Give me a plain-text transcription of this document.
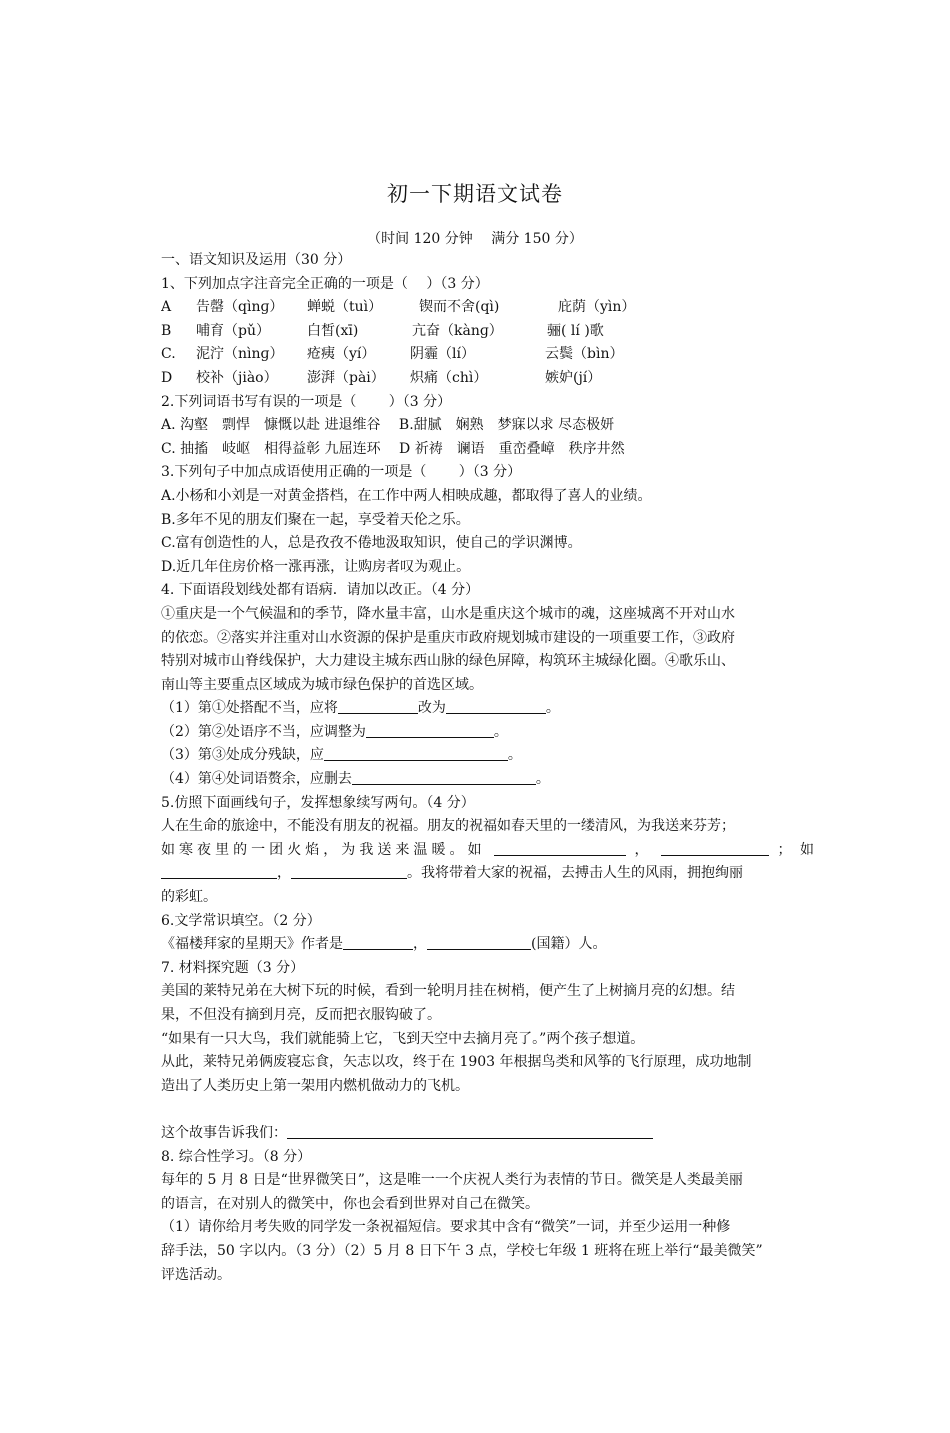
初一下期语文试卷
（时间 120 分钟　 满分 150 分）
一、语文知识及运用（30 分）
1、下列加点字注音完全正确的一项是（　 ）（3 分）
A 告罄（qìnɡ） 蝉蜕（tuì）	锲而不舍(qì)	庇荫（yìn）
B 哺育（pǔ）	白皙(xī)	亢奋（kànɡ）	骊( lí )歌
C. 泥泞（nìnɡ） 疮痍（yí） 阴霾（lí）	云鬓（bìn）
D 校补（jiào） 澎湃（pài） 炽痛（chì）	嫉妒(jí）
2.下列词语书写有误的一项是（　　 ）（3 分）
A. 沟壑　剽悍　慷慨以赴 进退维谷　 B.甜腻　娴熟　梦寐以求 尽态极妍
C. 抽搐　岐岖　相得益彰 九屈连环　 D 祈祷　谰语　重峦叠嶂　秩序井然
3.下列句子中加点成语使用正确的一项是（　　 ）（3 分）
A.小杨和小刘是一对黄金搭档，在工作中两人相映成趣，都取得了喜人的业绩。
B.多年不见的朋友们聚在一起，享受着天伦之乐。
C.富有创造性的人，总是孜孜不倦地汲取知识，使自己的学识渊博。
D.近几年住房价格一涨再涨，让购房者叹为观止。
4. 下面语段划线处都有语病．请加以改正。（4 分）
①重庆是一个气候温和的季节，降水量丰富，山水是重庆这个城市的魂，这座城离不开对山水
的依恋。②落实并注重对山水资源的保护是重庆市政府规划城市建设的一项重要工作，③政府
特别对城市山脊线保护，大力建设主城东西山脉的绿色屏障，构筑环主城绿化圈。④歌乐山、
南山等主要重点区域成为城市绿色保护的首选区域。
（1）第①处搭配不当，应将	改为	。
（2）第②处语序不当，应调整为	。
（3）第③处成分残缺，应	。
（4）第④处词语赘余，应删去	。
5.仿照下面画线句子，发挥想象续写两句。（4 分）
人在生命的旅途中，不能没有朋友的祝福。朋友的祝福如春天里的一缕清风，为我送来芬芳；
如寒夜里的一团火焰，为我送来温暖。如	，	； 如
，	。我将带着大家的祝福，去搏击人生的风雨，拥抱绚丽
的彩虹。
6.文学常识填空。（2 分）
《福楼拜家的星期天》作者是	，	(国籍）人。
7. 材料探究题（3 分）
美国的莱特兄弟在大树下玩的时候，看到一轮明月挂在树梢，便产生了上树摘月亮的幻想。结
果，不但没有摘到月亮，反而把衣服钩破了。
“如果有一只大鸟，我们就能骑上它，飞到天空中去摘月亮了。”两个孩子想道。
从此，莱特兄弟俩废寝忘食，矢志以攻，终于在 1903 年根据鸟类和风筝的飞行原理，成功地制
造出了人类历史上第一架用内燃机做动力的飞机。
这个故事告诉我们：
8. 综合性学习。（8 分）
每年的 5 月 8 日是“世界微笑日”，这是唯一一个庆祝人类行为表情的节日。微笑是人类最美丽
的语言，在对别人的微笑中，你也会看到世界对自己在微笑。
（1）请你给月考失败的同学发一条祝福短信。要求其中含有“微笑”一词，并至少运用一种修
辞手法，50 字以内。（3 分）（2）5 月 8 日下午 3 点，学校七年级 1 班将在班上举行“最美微笑”
评选活动。
